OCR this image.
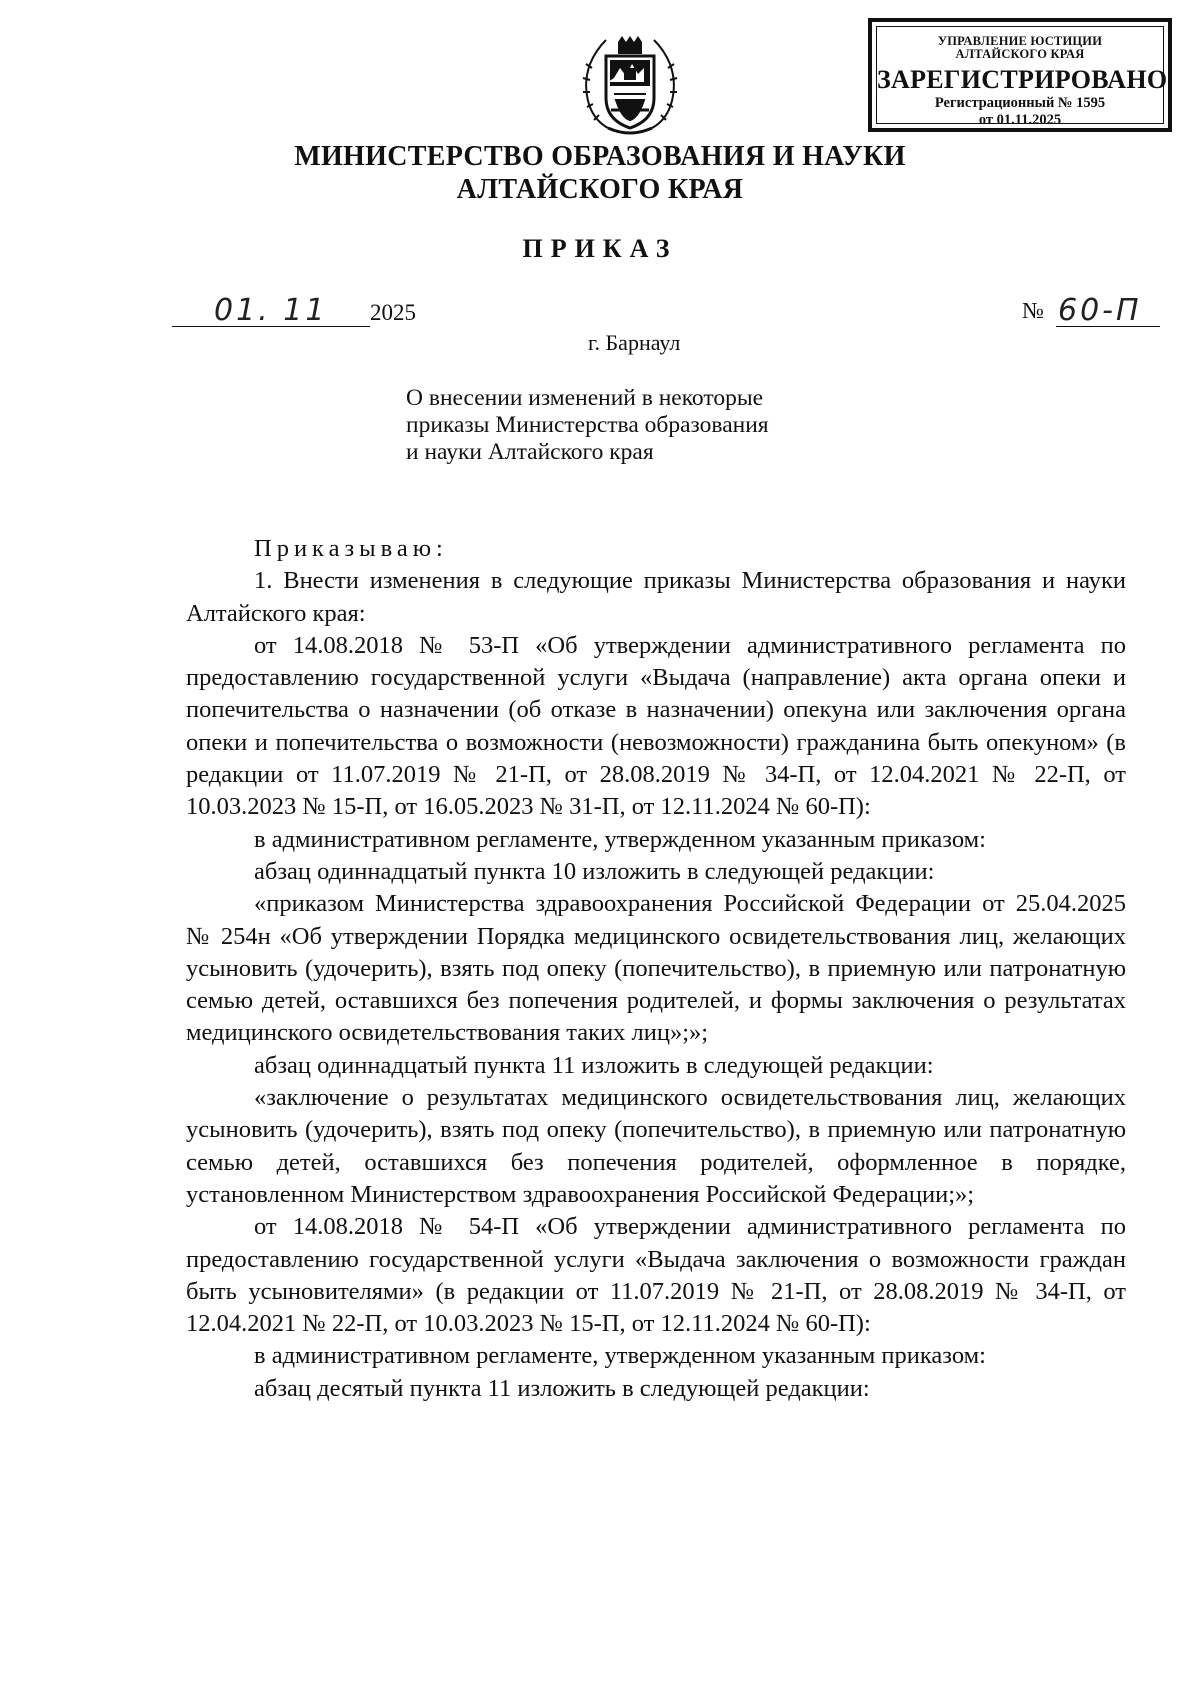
УПРАВЛЕНИЕ ЮСТИЦИИ
АЛТАЙСКОГО КРАЯ
ЗАРЕГИСТРИРОВАНО
Регистрационный № 1595
от 01.11.2025
МИНИСТЕРСТВО ОБРАЗОВАНИЯ И НАУКИ
АЛТАЙСКОГО КРАЯ
ПРИКАЗ
01. 11 2025	№ 60-П
г. Барнаул
О внесении изменений в некоторые
приказы Министерства образования
и науки Алтайского края

Приказываю:

1. Внести изменения в следующие приказы Министерства образования и науки Алтайского края:

от 14.08.2018 № 53-П «Об утверждении административного регламента по предоставлению государственной услуги «Выдача (направление) акта органа опеки и попечительства о назначении (об отказе в назначении) опекуна или заключения органа опеки и попечительства о возможности (невозможности) гражданина быть опекуном» (в редакции от 11.07.2019 № 21-П, от 28.08.2019 № 34-П, от 12.04.2021 № 22-П, от 10.03.2023 № 15-П, от 16.05.2023 № 31-П, от 12.11.2024 № 60-П):

в административном регламенте, утвержденном указанным приказом:

абзац одиннадцатый пункта 10 изложить в следующей редакции:

«приказом Министерства здравоохранения Российской Федерации от 25.04.2025 № 254н «Об утверждении Порядка медицинского освидетельствования лиц, желающих усыновить (удочерить), взять под опеку (попечительство), в приемную или патронатную семью детей, оставшихся без попечения родителей, и формы заключения о результатах медицинского освидетельствования таких лиц»;»;

абзац одиннадцатый пункта 11 изложить в следующей редакции:

«заключение о результатах медицинского освидетельствования лиц, желающих усыновить (удочерить), взять под опеку (попечительство), в приемную или патронатную семью детей, оставшихся без попечения родителей, оформленное в порядке, установленном Министерством здравоохранения Российской Федерации;»;

от 14.08.2018 № 54-П «Об утверждении административного регламента по предоставлению государственной услуги «Выдача заключения о возможности граждан быть усыновителями» (в редакции от 11.07.2019 № 21-П, от 28.08.2019 № 34-П, от 12.04.2021 № 22-П, от 10.03.2023 № 15-П, от 12.11.2024 № 60-П):

в административном регламенте, утвержденном указанным приказом:

абзац десятый пункта 11 изложить в следующей редакции:
